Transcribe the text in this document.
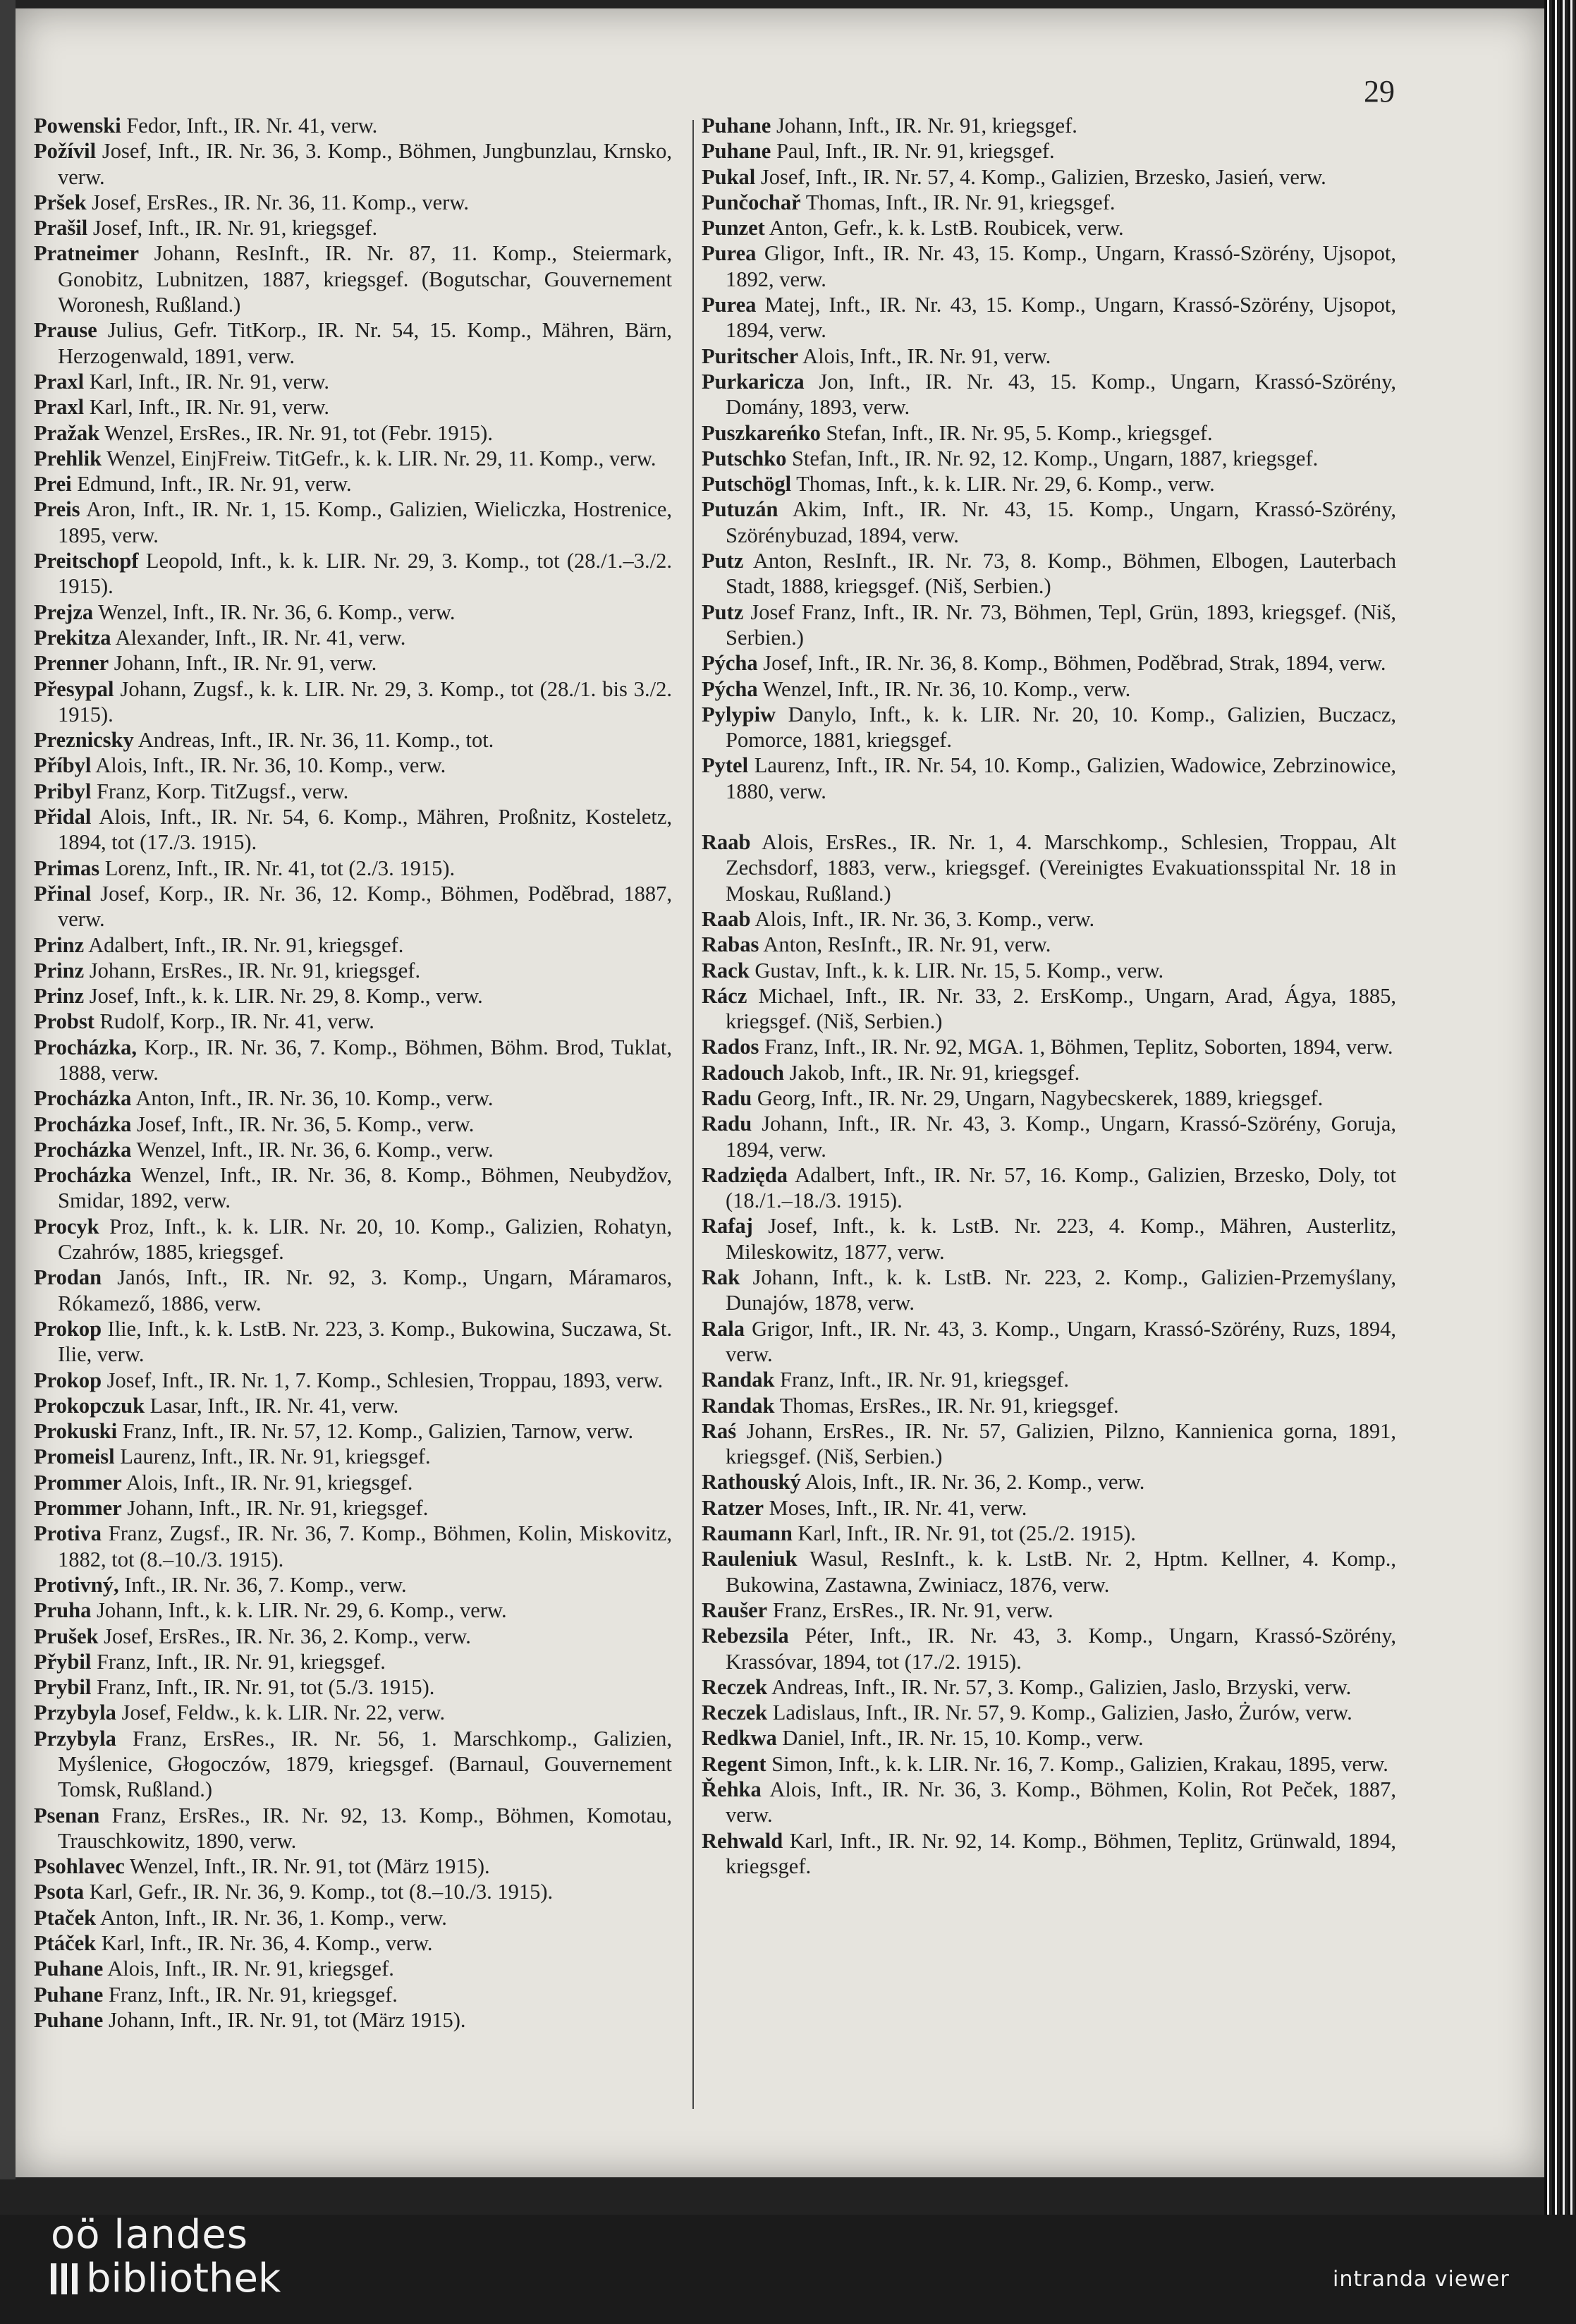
29
Powenski Fedor, Inft., IR. Nr. 41, verw.
Požívil Josef, Inft., IR. Nr. 36, 3. Komp., Böhmen, Jungbunzlau, Krnsko, verw.
Pršek Josef, ErsRes., IR. Nr. 36, 11. Komp., verw.
Prašil Josef, Inft., IR. Nr. 91, kriegsgef.
Pratneimer Johann, ResInft., IR. Nr. 87, 11. Komp., Steiermark, Gonobitz, Lubnitzen, 1887, kriegsgef. (Bogutschar, Gouvernement Woronesh, Rußland.)
Prause Julius, Gefr. TitKorp., IR. Nr. 54, 15. Komp., Mähren, Bärn, Herzogenwald, 1891, verw.
Praxl Karl, Inft., IR. Nr. 91, verw.
Praxl Karl, Inft., IR. Nr. 91, verw.
Pražak Wenzel, ErsRes., IR. Nr. 91, tot (Febr. 1915).
Prehlik Wenzel, EinjFreiw. TitGefr., k. k. LIR. Nr. 29, 11. Komp., verw.
Prei Edmund, Inft., IR. Nr. 91, verw.
Preis Aron, Inft., IR. Nr. 1, 15. Komp., Galizien, Wieliczka, Hostrenice, 1895, verw.
Preitschopf Leopold, Inft., k. k. LIR. Nr. 29, 3. Komp., tot (28./1.–3./2. 1915).
Prejza Wenzel, Inft., IR. Nr. 36, 6. Komp., verw.
Prekitza Alexander, Inft., IR. Nr. 41, verw.
Prenner Johann, Inft., IR. Nr. 91, verw.
Přesypal Johann, Zugsf., k. k. LIR. Nr. 29, 3. Komp., tot (28./1. bis 3./2. 1915).
Preznicsky Andreas, Inft., IR. Nr. 36, 11. Komp., tot.
Příbyl Alois, Inft., IR. Nr. 36, 10. Komp., verw.
Pribyl Franz, Korp. TitZugsf., verw.
Přidal Alois, Inft., IR. Nr. 54, 6. Komp., Mähren, Proßnitz, Kosteletz, 1894, tot (17./3. 1915).
Primas Lorenz, Inft., IR. Nr. 41, tot (2./3. 1915).
Přinal Josef, Korp., IR. Nr. 36, 12. Komp., Böhmen, Poděbrad, 1887, verw.
Prinz Adalbert, Inft., IR. Nr. 91, kriegsgef.
Prinz Johann, ErsRes., IR. Nr. 91, kriegsgef.
Prinz Josef, Inft., k. k. LIR. Nr. 29, 8. Komp., verw.
Probst Rudolf, Korp., IR. Nr. 41, verw.
Procházka, Korp., IR. Nr. 36, 7. Komp., Böhmen, Böhm. Brod, Tuklat, 1888, verw.
Procházka Anton, Inft., IR. Nr. 36, 10. Komp., verw.
Procházka Josef, Inft., IR. Nr. 36, 5. Komp., verw.
Procházka Wenzel, Inft., IR. Nr. 36, 6. Komp., verw.
Procházka Wenzel, Inft., IR. Nr. 36, 8. Komp., Böhmen, Neubydžov, Smidar, 1892, verw.
Procyk Proz, Inft., k. k. LIR. Nr. 20, 10. Komp., Galizien, Rohatyn, Czahrów, 1885, kriegsgef.
Prodan Janós, Inft., IR. Nr. 92, 3. Komp., Ungarn, Máramaros, Rókamező, 1886, verw.
Prokop Ilie, Inft., k. k. LstB. Nr. 223, 3. Komp., Bukowina, Suczawa, St. Ilie, verw.
Prokop Josef, Inft., IR. Nr. 1, 7. Komp., Schlesien, Troppau, 1893, verw.
Prokopczuk Lasar, Inft., IR. Nr. 41, verw.
Prokuski Franz, Inft., IR. Nr. 57, 12. Komp., Galizien, Tarnow, verw.
Promeisl Laurenz, Inft., IR. Nr. 91, kriegsgef.
Prommer Alois, Inft., IR. Nr. 91, kriegsgef.
Prommer Johann, Inft., IR. Nr. 91, kriegsgef.
Protiva Franz, Zugsf., IR. Nr. 36, 7. Komp., Böhmen, Kolin, Miskovitz, 1882, tot (8.–10./3. 1915).
Protivný, Inft., IR. Nr. 36, 7. Komp., verw.
Pruha Johann, Inft., k. k. LIR. Nr. 29, 6. Komp., verw.
Prušek Josef, ErsRes., IR. Nr. 36, 2. Komp., verw.
Přybil Franz, Inft., IR. Nr. 91, kriegsgef.
Prybil Franz, Inft., IR. Nr. 91, tot (5./3. 1915).
Przybyla Josef, Feldw., k. k. LIR. Nr. 22, verw.
Przybyla Franz, ErsRes., IR. Nr. 56, 1. Marschkomp., Galizien, Myślenice, Głogoczów, 1879, kriegsgef. (Barnaul, Gouvernement Tomsk, Rußland.)
Psenan Franz, ErsRes., IR. Nr. 92, 13. Komp., Böhmen, Komotau, Trauschkowitz, 1890, verw.
Psohlavec Wenzel, Inft., IR. Nr. 91, tot (März 1915).
Psota Karl, Gefr., IR. Nr. 36, 9. Komp., tot (8.–10./3. 1915).
Ptaček Anton, Inft., IR. Nr. 36, 1. Komp., verw.
Ptáček Karl, Inft., IR. Nr. 36, 4. Komp., verw.
Puhane Alois, Inft., IR. Nr. 91, kriegsgef.
Puhane Franz, Inft., IR. Nr. 91, kriegsgef.
Puhane Johann, Inft., IR. Nr. 91, tot (März 1915).
Puhane Johann, Inft., IR. Nr. 91, kriegsgef.
Puhane Paul, Inft., IR. Nr. 91, kriegsgef.
Pukal Josef, Inft., IR. Nr. 57, 4. Komp., Galizien, Brzesko, Jasień, verw.
Punčochař Thomas, Inft., IR. Nr. 91, kriegsgef.
Punzet Anton, Gefr., k. k. LstB. Roubicek, verw.
Purea Gligor, Inft., IR. Nr. 43, 15. Komp., Ungarn, Krassó-Szörény, Ujsopot, 1892, verw.
Purea Matej, Inft., IR. Nr. 43, 15. Komp., Ungarn, Krassó-Szörény, Ujsopot, 1894, verw.
Puritscher Alois, Inft., IR. Nr. 91, verw.
Purkaricza Jon, Inft., IR. Nr. 43, 15. Komp., Ungarn, Krassó-Szörény, Domány, 1893, verw.
Puszkareńko Stefan, Inft., IR. Nr. 95, 5. Komp., kriegsgef.
Putschko Stefan, Inft., IR. Nr. 92, 12. Komp., Ungarn, 1887, kriegsgef.
Putschögl Thomas, Inft., k. k. LIR. Nr. 29, 6. Komp., verw.
Putuzán Akim, Inft., IR. Nr. 43, 15. Komp., Ungarn, Krassó-Szörény, Szörénybuzad, 1894, verw.
Putz Anton, ResInft., IR. Nr. 73, 8. Komp., Böhmen, Elbogen, Lauterbach Stadt, 1888, kriegsgef. (Niš, Serbien.)
Putz Josef Franz, Inft., IR. Nr. 73, Böhmen, Tepl, Grün, 1893, kriegsgef. (Niš, Serbien.)
Pýcha Josef, Inft., IR. Nr. 36, 8. Komp., Böhmen, Poděbrad, Strak, 1894, verw.
Pýcha Wenzel, Inft., IR. Nr. 36, 10. Komp., verw.
Pylypiw Danylo, Inft., k. k. LIR. Nr. 20, 10. Komp., Galizien, Buczacz, Pomorce, 1881, kriegsgef.
Pytel Laurenz, Inft., IR. Nr. 54, 10. Komp., Galizien, Wadowice, Zebrzinowice, 1880, verw.
Raab Alois, ErsRes., IR. Nr. 1, 4. Marschkomp., Schlesien, Troppau, Alt Zechsdorf, 1883, verw., kriegsgef. (Vereinigtes Evakuationsspital Nr. 18 in Moskau, Rußland.)
Raab Alois, Inft., IR. Nr. 36, 3. Komp., verw.
Rabas Anton, ResInft., IR. Nr. 91, verw.
Rack Gustav, Inft., k. k. LIR. Nr. 15, 5. Komp., verw.
Rácz Michael, Inft., IR. Nr. 33, 2. ErsKomp., Ungarn, Arad, Ágya, 1885, kriegsgef. (Niš, Serbien.)
Rados Franz, Inft., IR. Nr. 92, MGA. 1, Böhmen, Teplitz, Soborten, 1894, verw.
Radouch Jakob, Inft., IR. Nr. 91, kriegsgef.
Radu Georg, Inft., IR. Nr. 29, Ungarn, Nagybecskerek, 1889, kriegsgef.
Radu Johann, Inft., IR. Nr. 43, 3. Komp., Ungarn, Krassó-Szörény, Goruja, 1894, verw.
Radzięda Adalbert, Inft., IR. Nr. 57, 16. Komp., Galizien, Brzesko, Doly, tot (18./1.–18./3. 1915).
Rafaj Josef, Inft., k. k. LstB. Nr. 223, 4. Komp., Mähren, Austerlitz, Mileskowitz, 1877, verw.
Rak Johann, Inft., k. k. LstB. Nr. 223, 2. Komp., Galizien-Przemyślany, Dunajów, 1878, verw.
Rala Grigor, Inft., IR. Nr. 43, 3. Komp., Ungarn, Krassó-Szörény, Ruzs, 1894, verw.
Randak Franz, Inft., IR. Nr. 91, kriegsgef.
Randak Thomas, ErsRes., IR. Nr. 91, kriegsgef.
Raś Johann, ErsRes., IR. Nr. 57, Galizien, Pilzno, Kannienica gorna, 1891, kriegsgef. (Niš, Serbien.)
Rathouský Alois, Inft., IR. Nr. 36, 2. Komp., verw.
Ratzer Moses, Inft., IR. Nr. 41, verw.
Raumann Karl, Inft., IR. Nr. 91, tot (25./2. 1915).
Rauleniuk Wasul, ResInft., k. k. LstB. Nr. 2, Hptm. Kellner, 4. Komp., Bukowina, Zastawna, Zwiniacz, 1876, verw.
Raušer Franz, ErsRes., IR. Nr. 91, verw.
Rebezsila Péter, Inft., IR. Nr. 43, 3. Komp., Ungarn, Krassó-Szörény, Krassóvar, 1894, tot (17./2. 1915).
Reczek Andreas, Inft., IR. Nr. 57, 3. Komp., Galizien, Jaslo, Brzyski, verw.
Reczek Ladislaus, Inft., IR. Nr. 57, 9. Komp., Galizien, Jasło, Żurów, verw.
Redkwa Daniel, Inft., IR. Nr. 15, 10. Komp., verw.
Regent Simon, Inft., k. k. LIR. Nr. 16, 7. Komp., Galizien, Krakau, 1895, verw.
Řehka Alois, Inft., IR. Nr. 36, 3. Komp., Böhmen, Kolin, Rot Peček, 1887, verw.
Rehwald Karl, Inft., IR. Nr. 92, 14. Komp., Böhmen, Teplitz, Grünwald, 1894, kriegsgef.
oö landes
bibliothek	intranda viewer
